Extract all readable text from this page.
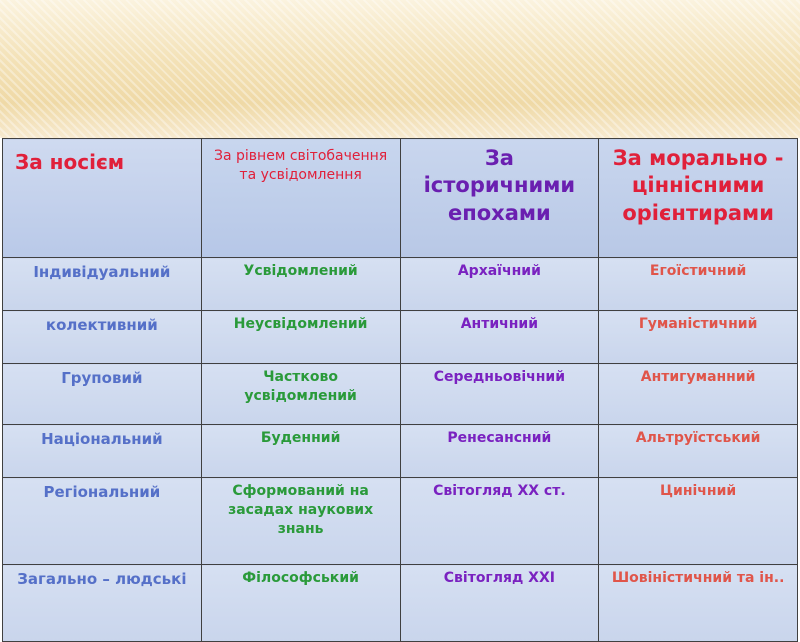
За носієм	За рівнем світобачення та усвідомлення	За історичними епохами	За морально - ціннісними орієнтирами
Індивідуальний	Усвідомлений	Архаїчний	Егоїстичний
колективний	Неусвідомлений	Античний	Гуманістичний
Груповий	Частково усвідомлений	Середньовічний	Антигуманний
Національний	Буденний	Ренесансний	Альтруїстський
Регіональний	Сформований на засадах наукових знань	Світогляд ХХ ст.	Цинічний
Загально – людські	Філософський	Світогляд ХХІ	Шовіністичний та ін..
